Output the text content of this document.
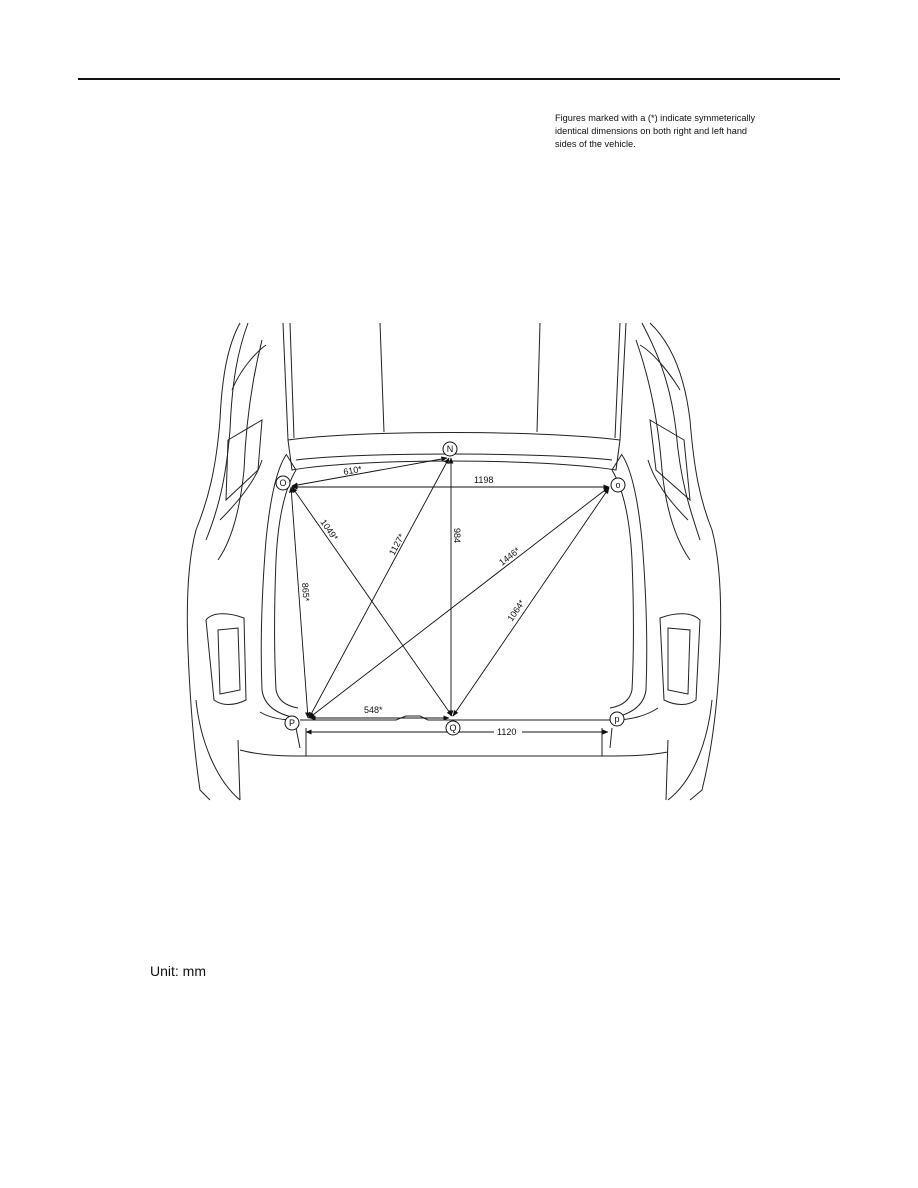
Figures marked with a (*) indicate symmeterically
identical dimensions on both right and left hand
sides of the vehicle.
610*
1198
1049*
1127*	984
1446*
865*
1064*
548*
1120
N
O	o
P	Q
p
Unit: mm
